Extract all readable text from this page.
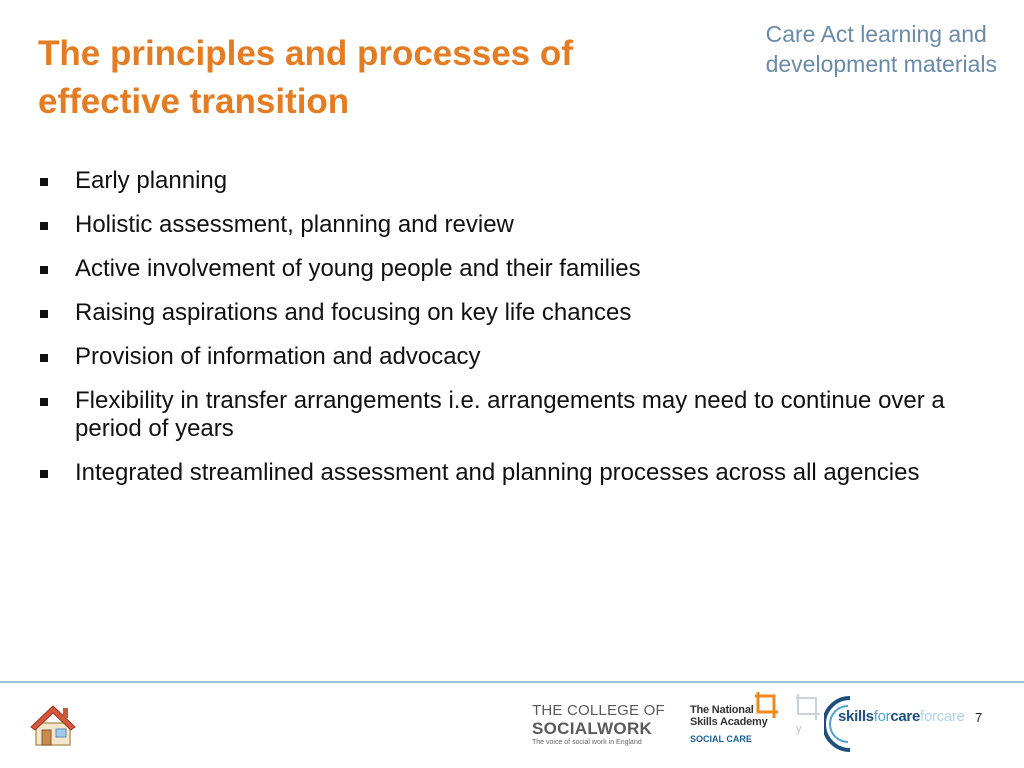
The principles and processes of
effective transition
Care Act learning and
development materials
Early planning
Holistic assessment, planning and review
Active involvement of young people and their families
Raising aspirations and focusing on key life chances
Provision of information and advocacy
Flexibility in transfer arrangements i.e. arrangements may need to continue over a period of years
Integrated streamlined assessment and planning processes across all agencies
THE COLLEGE OF
SOCIALWORK
The voice of social work in England
The National
Skills Academy
SOCIAL CARE
y
skillsforcareforcare 7
